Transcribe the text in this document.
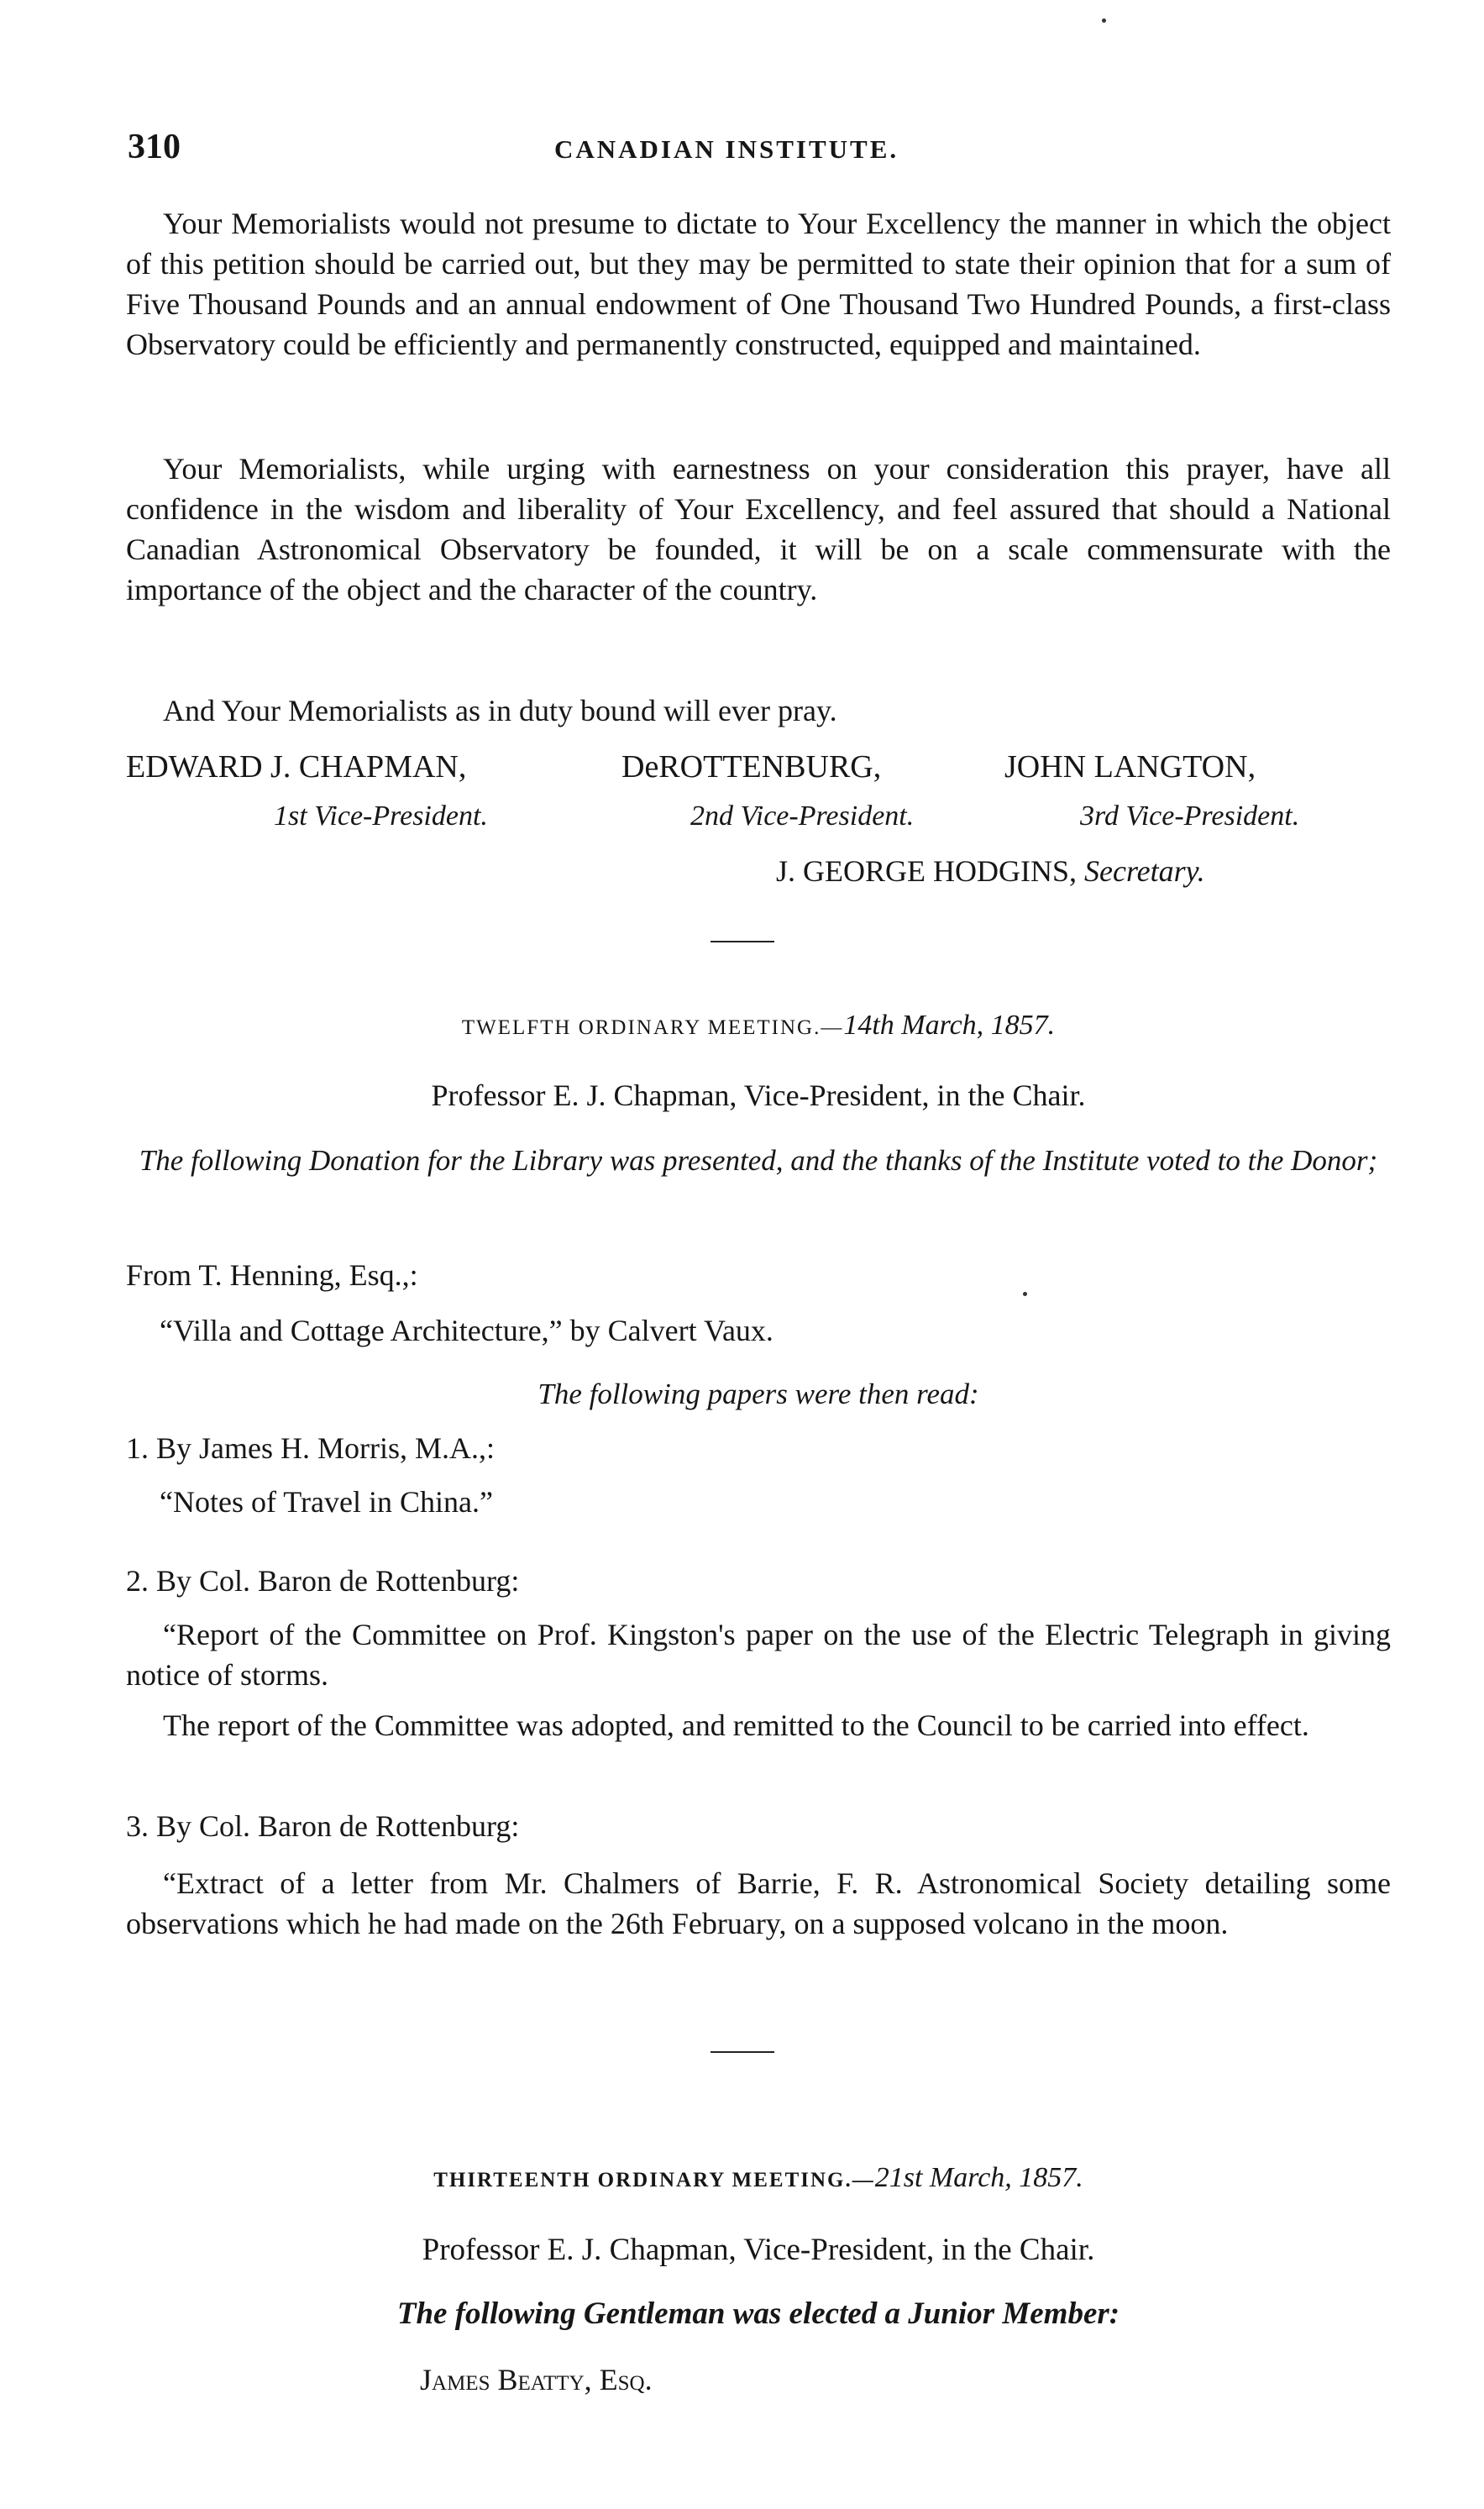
310	CANADIAN INSTITUTE.

Your Memorialists would not presume to dictate to Your Excellency the manner in which the object of this petition should be carried out, but they may be permitted to state their opinion that for a sum of Five Thousand Pounds and an annual endowment of One Thousand Two Hundred Pounds, a first-class Observatory could be efficiently and permanently constructed, equipped and maintained.

Your Memorialists, while urging with earnestness on your consideration this prayer, have all confidence in the wisdom and liberality of Your Excellency, and feel assured that should a National Canadian Astronomical Observatory be founded, it will be on a scale commensurate with the importance of the object and the character of the country.

And Your Memorialists as in duty bound will ever pray.

EDWARD J. CHAPMAN,	DeROTTENBURG,	JOHN LANGTON,
1st Vice-President.	2nd Vice-President.	3rd Vice-President.
J. GEORGE HODGINS, Secretary.
TWELFTH ORDINARY MEETING.—14th March, 1857.
Professor E. J. Chapman, Vice-President, in the Chair.
The following Donation for the Library was presented, and the thanks of the Institute voted to the Donor;
From T. Henning, Esq.,:
“Villa and Cottage Architecture,” by Calvert Vaux.
The following papers were then read:
1. By James H. Morris, M.A.,:
“Notes of Travel in China.”
2. By Col. Baron de Rottenburg:

“Report of the Committee on Prof. Kingston's paper on the use of the Electric Telegraph in giving notice of storms.

The report of the Committee was adopted, and remitted to the Council to be carried into effect.

3. By Col. Baron de Rottenburg:

“Extract of a letter from Mr. Chalmers of Barrie, F. R. Astronomical Society detailing some observations which he had made on the 26th February, on a supposed volcano in the moon.

THIRTEENTH ORDINARY MEETING.—21st March, 1857.
Professor E. J. Chapman, Vice-President, in the Chair.
The following Gentleman was elected a Junior Member:
James Beatty, Esq.
